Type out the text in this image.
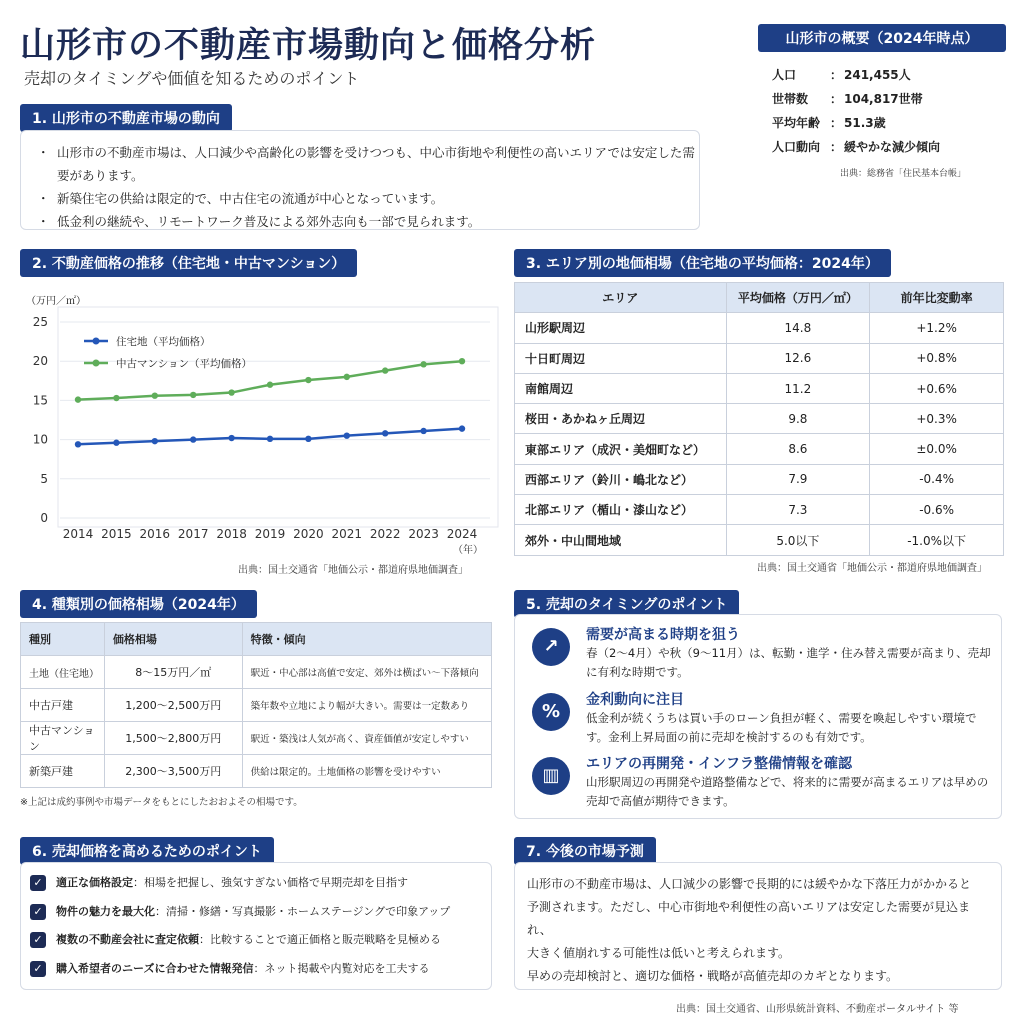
山形市の不動産市場動向と価格分析
売却のタイミングや価値を知るためのポイント
山形市の概要（2024年時点）
人口	： 241,455人
世帯数 ： 104,817世帯
平均年齢 ： 51.3歳
人口動向 ： 緩やかな減少傾向
出典：総務省「住民基本台帳」
1. 山形市の不動産市場の動向
・ 山形市の不動産市場は、人口減少や高齢化の影響を受けつつも、中心市街地や利便性の高いエリアでは安定した需要があります。
・ 新築住宅の供給は限定的で、中古住宅の流通が中心となっています。
・ 低金利の継続や、リモートワーク普及による郊外志向も一部で見られます。
2. 不動産価格の推移（住宅地・中古マンション）
（万円／㎡）
0
5
10
15
20
25
2014 2015 2016 2017 2018 2019 2020 2021 2022 2023 2024
（年）
住宅地（平均価格）
中古マンション（平均価格）
出典：国土交通省「地価公示・都道府県地価調査」
3. エリア別の地価相場（住宅地の平均価格：2024年）
エリア	平均価格（万円／㎡）	前年比変動率
山形駅周辺	14.8	+1.2%
十日町周辺	12.6	+0.8%
南館周辺	11.2	+0.6%
桜田・あかねヶ丘周辺	9.8	+0.3%
東部エリア（成沢・美畑町など）	8.6	±0.0%
西部エリア（鈴川・嶋北など）	7.9	-0.4%
北部エリア（楯山・漆山など）	7.3	-0.6%
郊外・中山間地域	5.0以下	-1.0%以下
出典：国土交通省「地価公示・都道府県地価調査」
4. 種類別の価格相場（2024年）
種別	価格相場	特徴・傾向
土地（住宅地）	8〜15万円／㎡	駅近・中心部は高値で安定、郊外は横ばい〜下落傾向
中古戸建	1,200〜2,500万円	築年数や立地により幅が大きい。需要は一定数あり
中古マンション	1,500〜2,800万円	駅近・築浅は人気が高く、資産価値が安定しやすい
新築戸建	2,300〜3,500万円	供給は限定的。土地価格の影響を受けやすい
※上記は成約事例や市場データをもとにしたおおよその相場です。
5. 売却のタイミングのポイント
↗
需要が高まる時期を狙う
春（2〜4月）や秋（9〜11月）は、転勤・進学・住み替え需要が高まり、売却に有利な時期です。
%
金利動向に注目
低金利が続くうちは買い手のローン負担が軽く、需要を喚起しやすい環境です。金利上昇局面の前に売却を検討するのも有効です。
▥
エリアの再開発・インフラ整備情報を確認
山形駅周辺の再開発や道路整備などで、将来的に需要が高まるエリアは早めの売却で高値が期待できます。
6. 売却価格を高めるためのポイント
✓ 適正な価格設定：相場を把握し、強気すぎない価格で早期売却を目指す
✓ 物件の魅力を最大化：清掃・修繕・写真撮影・ホームステージングで印象アップ
✓ 複数の不動産会社に査定依頼：比較することで適正価格と販売戦略を見極める
✓ 購入希望者のニーズに合わせた情報発信：ネット掲載や内覧対応を工夫する
7. 今後の市場予測
山形市の不動産市場は、人口減少の影響で長期的には緩やかな下落圧力がかかると
予測されます。ただし、中心市街地や利便性の高いエリアは安定した需要が見込まれ、
大きく値崩れする可能性は低いと考えられます。
早めの売却検討と、適切な価格・戦略が高値売却のカギとなります。
出典：国土交通省、山形県統計資料、不動産ポータルサイト 等
